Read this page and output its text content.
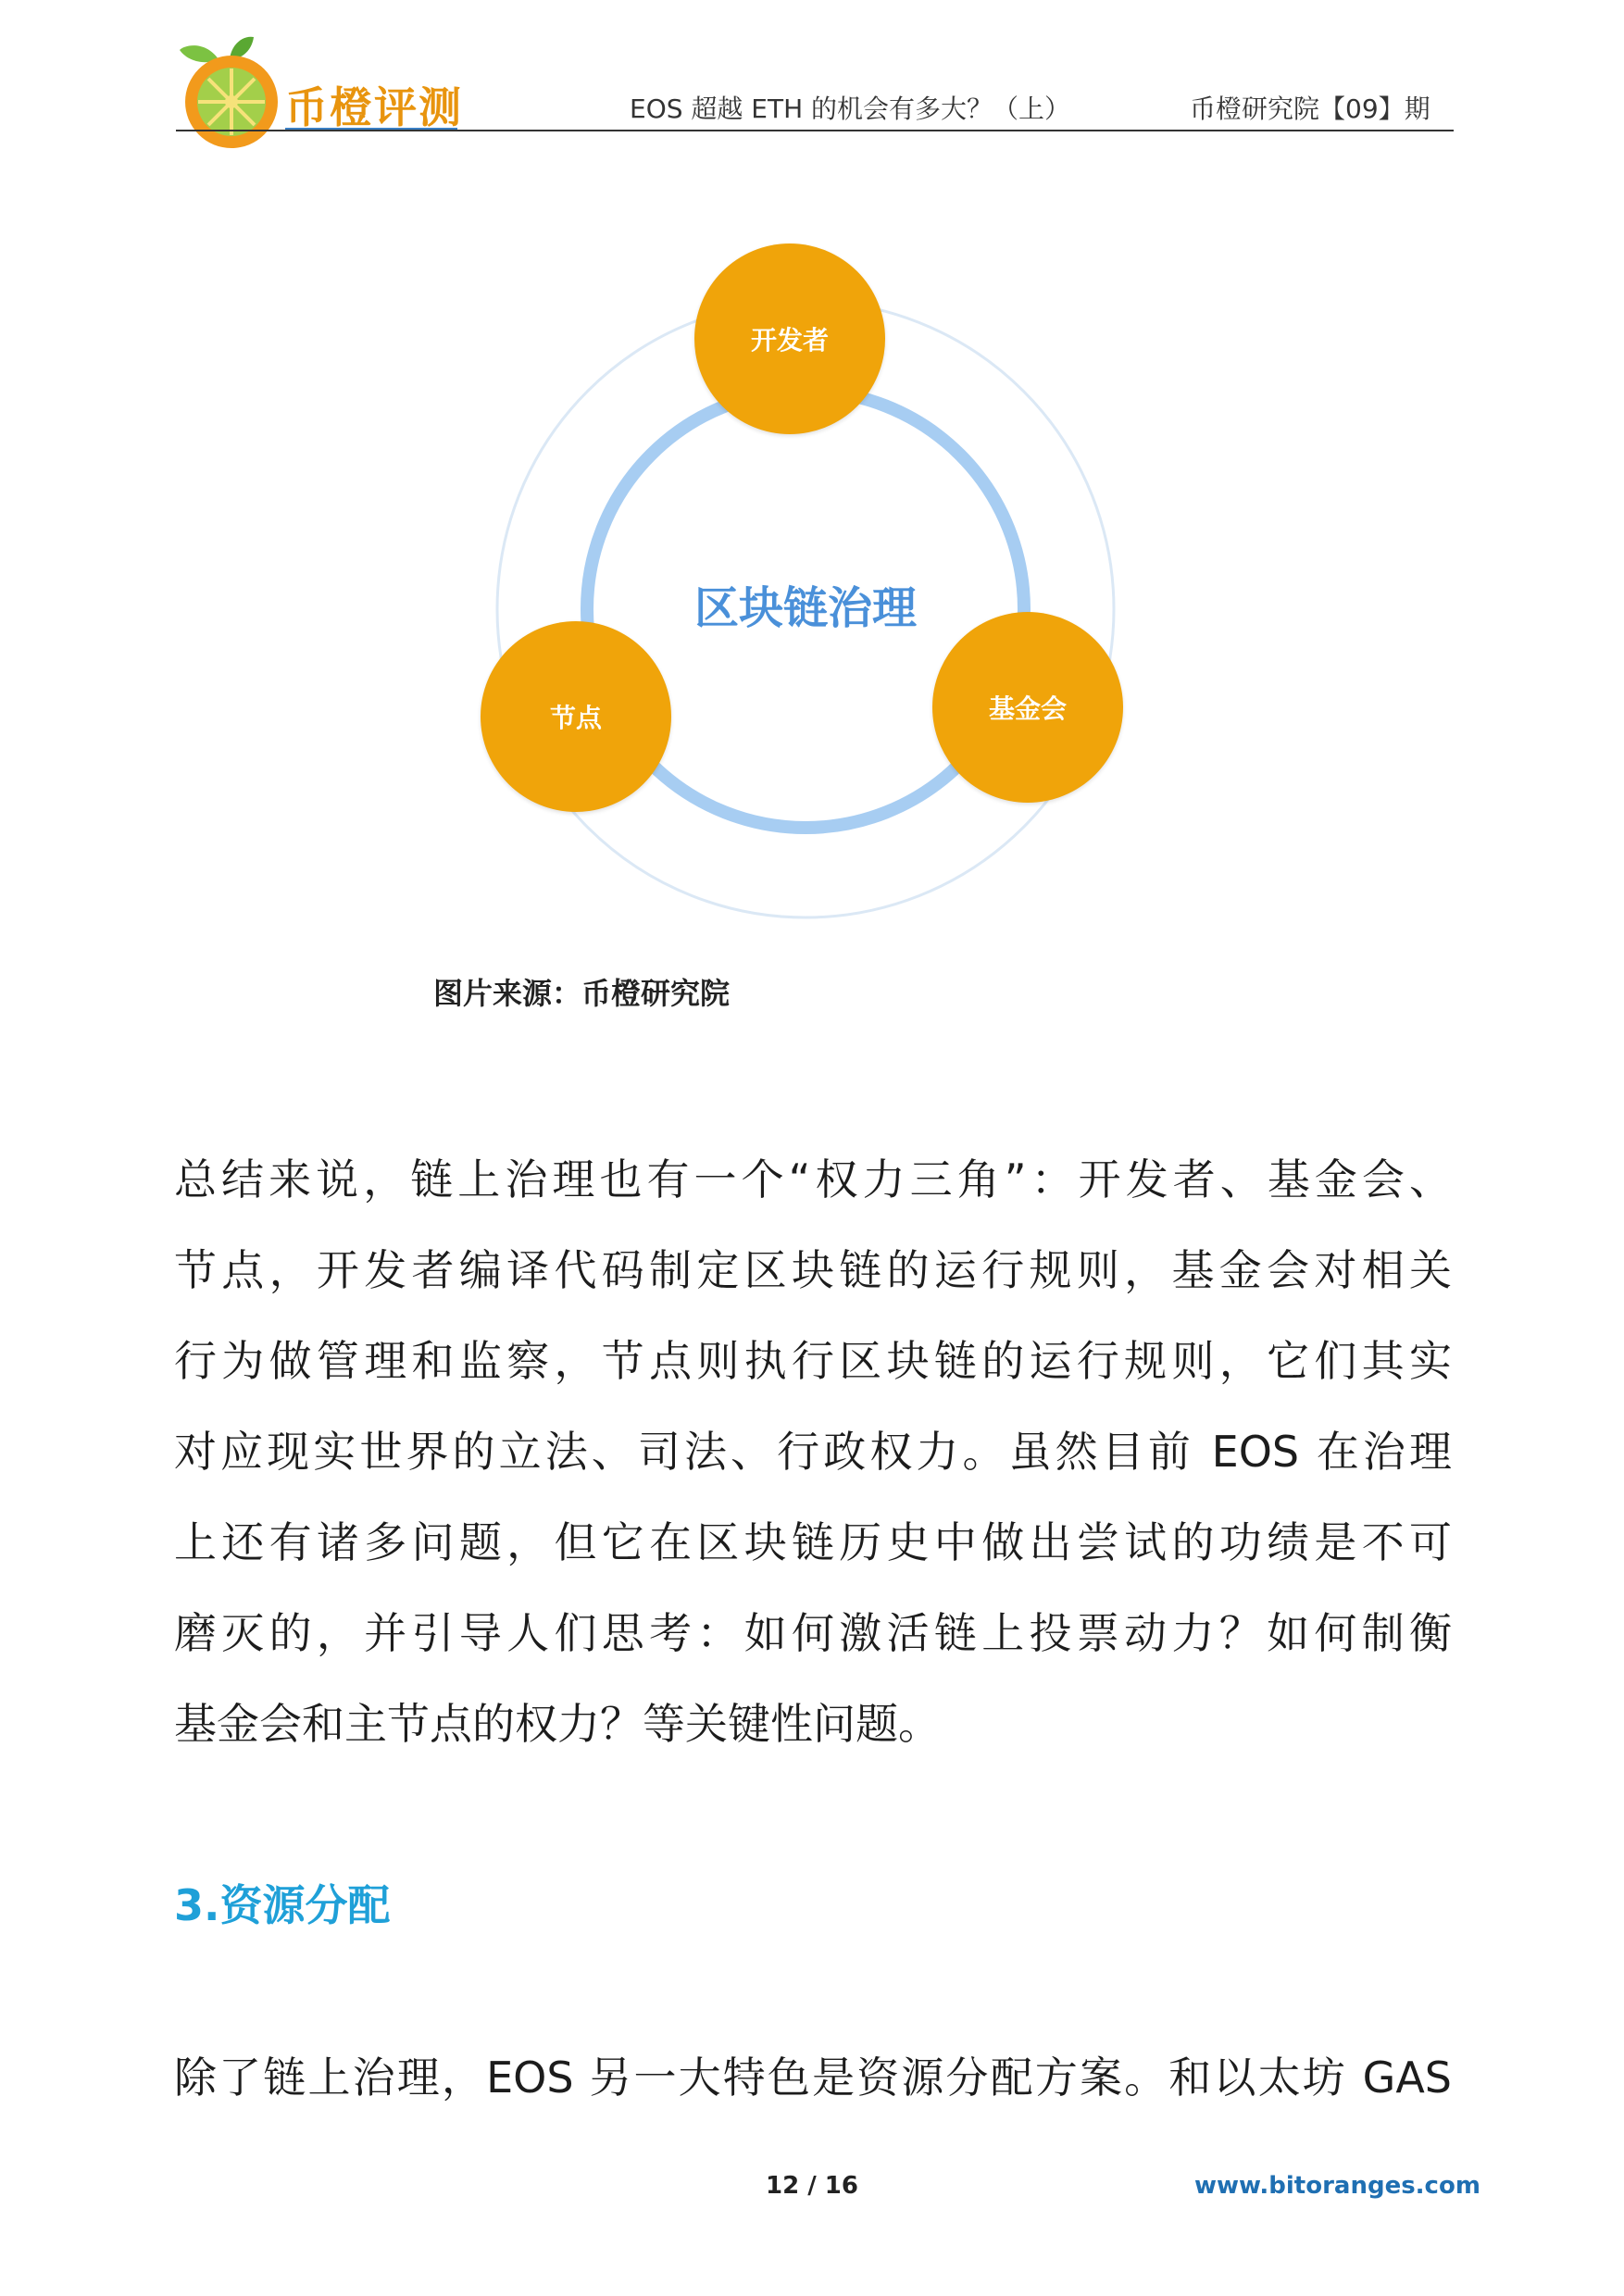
币橙评测	EOS 超越 ETH 的机会有多大？（上）	币橙研究院【09】期
区块链治理
开发者
基金会
节点
图片来源：币橙研究院
总结来说，链上治理也有一个“权力三角”：开发者、基金会、
节点，开发者编译代码制定区块链的运行规则，基金会对相关
行为做管理和监察，节点则执行区块链的运行规则，它们其实
对应现实世界的立法、司法、行政权力。虽然目前 EOS 在治理
上还有诸多问题，但它在区块链历史中做出尝试的功绩是不可
磨灭的，并引导人们思考：如何激活链上投票动力？如何制衡
基金会和主节点的权力？等关键性问题。
3.资源分配
除了链上治理，EOS 另一大特色是资源分配方案。和以太坊 GAS
12 / 16	www.bitoranges.com
